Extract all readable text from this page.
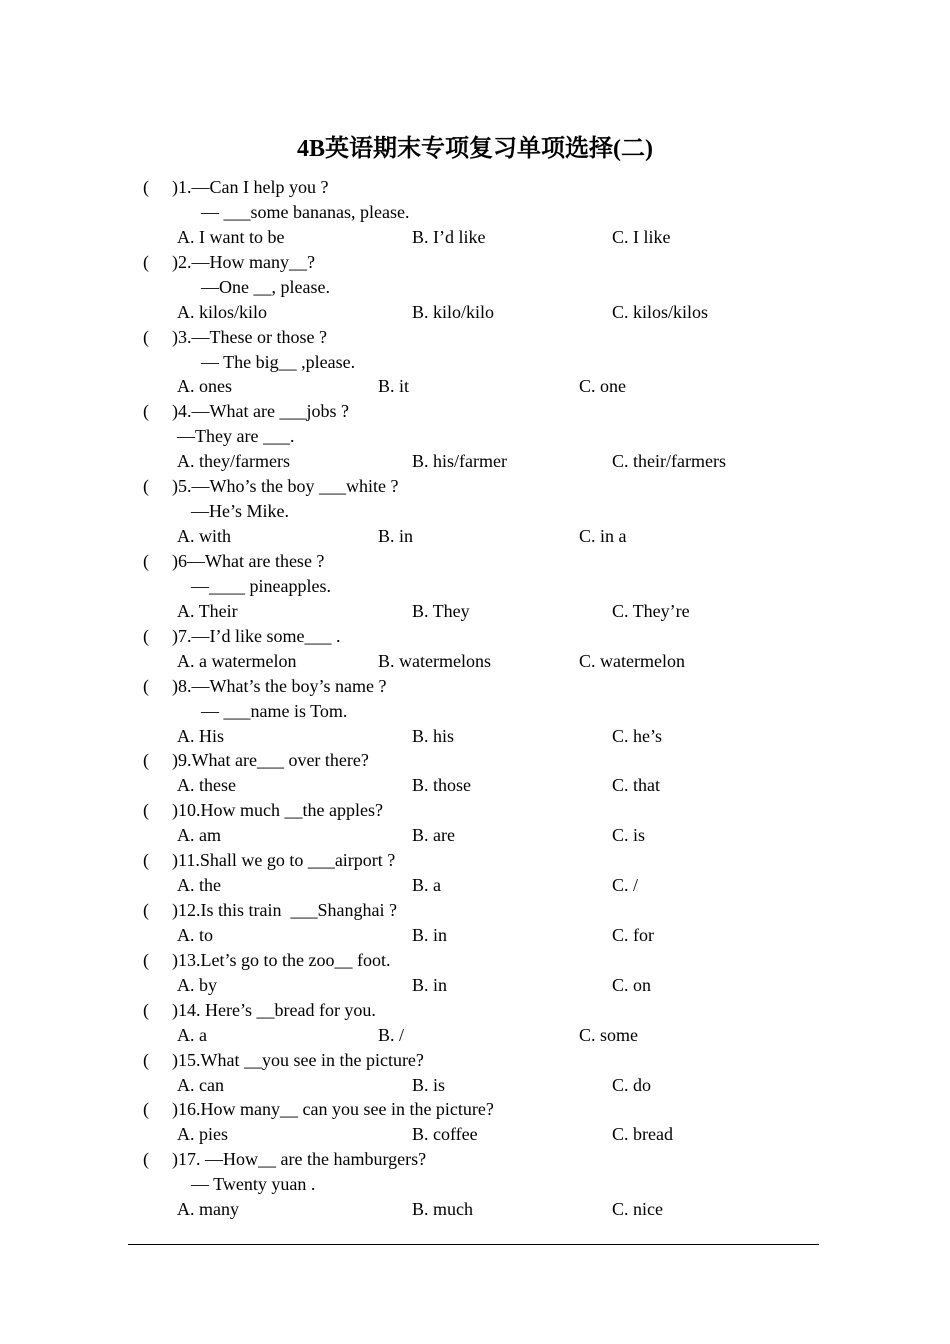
4B英语期末专项复习单项选择(二)
( )1.—Can I help you ?
— ___some bananas, please.
A. I want to be	B. I’d like	C. I like
( )2.—How many__?
—One __, please.
A. kilos/kilo	B. kilo/kilo	C. kilos/kilos
( )3.—These or those ?
— The big__ ,please.
A. ones	B. it	C. one
( )4.—What are ___jobs ?
—They are ___.
A. they/farmers	B. his/farmer	C. their/farmers
( )5.—Who’s the boy ___white ?
—He’s Mike.
A. with	B. in	C. in a
( )6—What are these ?
—____ pineapples.
A. Their	B. They	C. They’re
( )7.—I’d like some___ .
A. a watermelon	B. watermelons	C. watermelon
( )8.—What’s the boy’s name ?
— ___name is Tom.
A. His	B. his	C. he’s
( )9.What are___ over there?
A. these	B. those	C. that
( )10.How much __the apples?
A. am	B. are	C. is
( )11.Shall we go to ___airport ?
A. the	B. a	C. /
( )12.Is this train  ___Shanghai ?
A. to	B. in	C. for
( )13.Let’s go to the zoo__ foot.
A. by	B. in	C. on
( )14. Here’s __bread for you.
A. a	B. /	C. some
( )15.What __you see in the picture?
A. can	B. is	C. do
( )16.How many__ can you see in the picture?
A. pies	B. coffee	C. bread
( )17. —How__ are the hamburgers?
— Twenty yuan .
A. many	B. much	C. nice
